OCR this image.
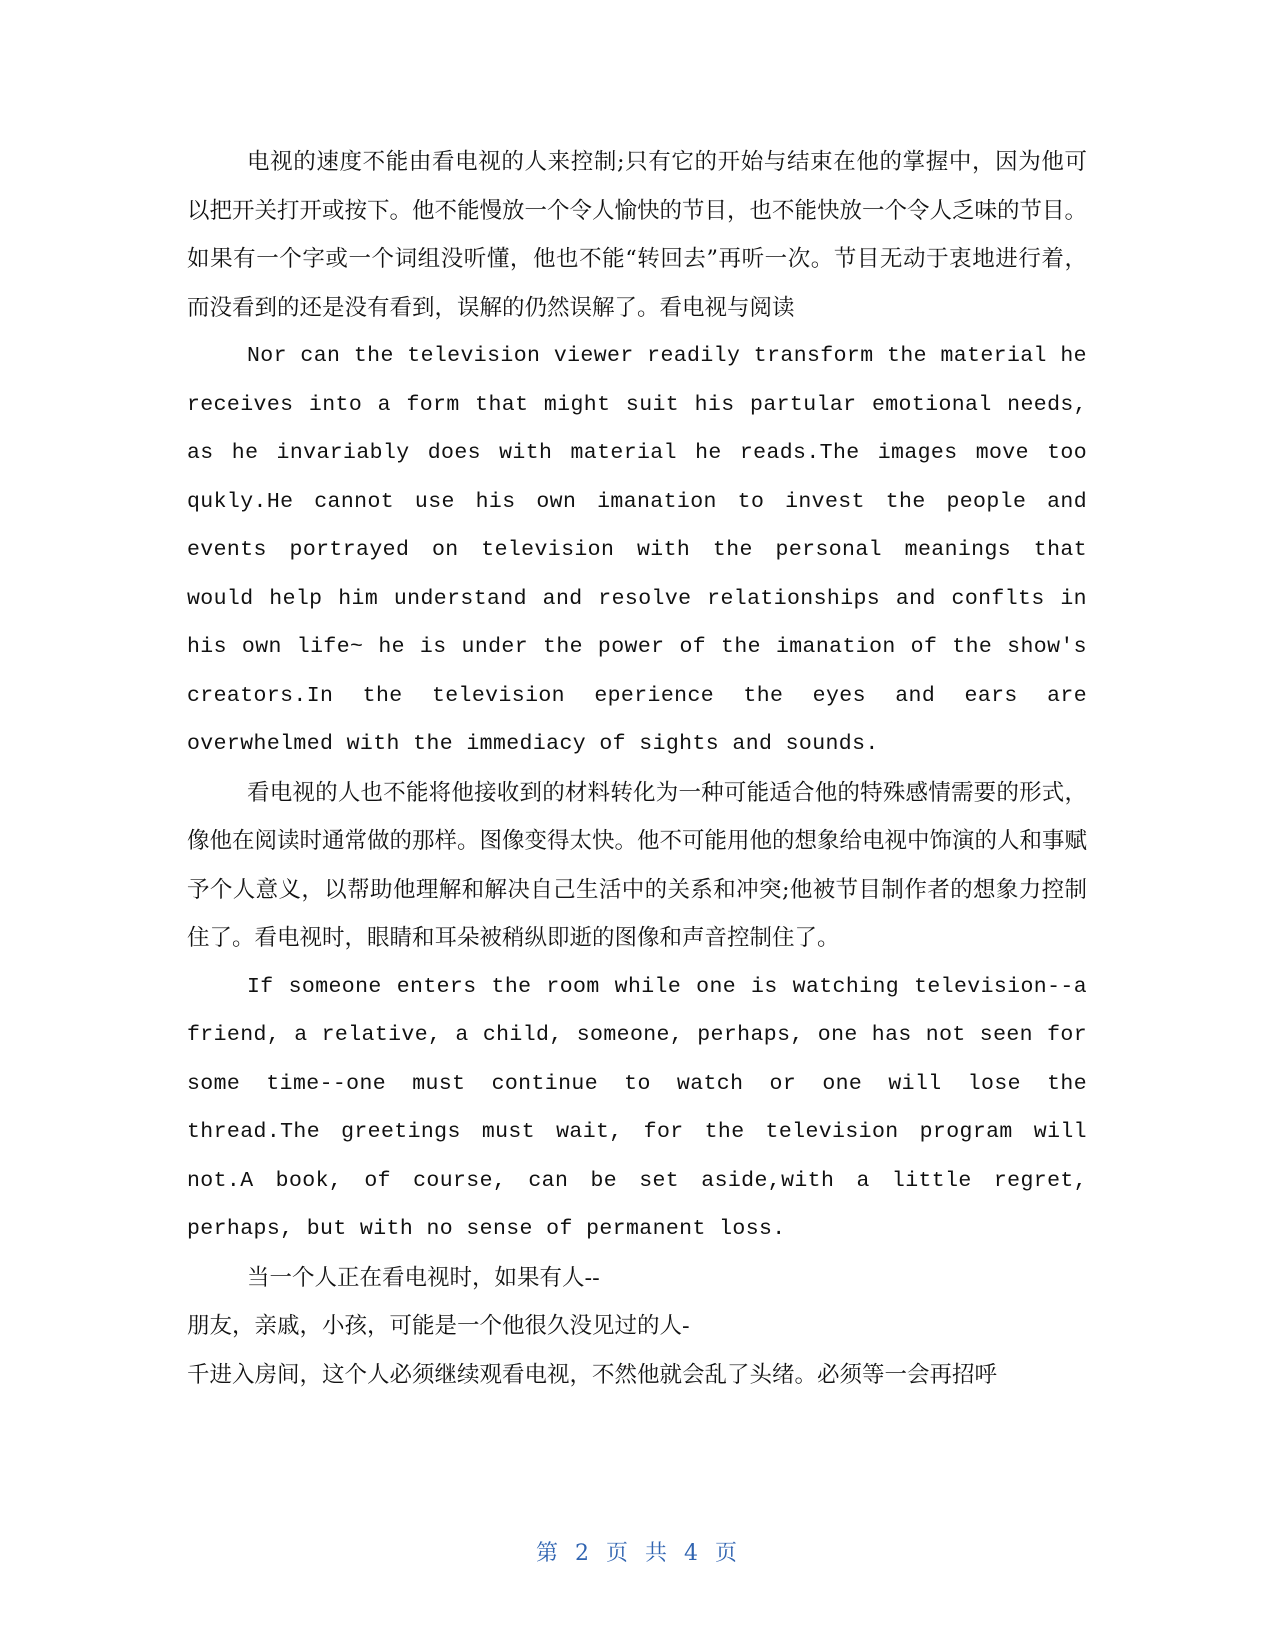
电视的速度不能由看电视的人来控制;只有它的开始与结束在他的掌握中，因为他可以把开关打开或按下。他不能慢放一个令人愉快的节目，也不能快放一个令人乏味的节目。如果有一个字或一个词组没听懂，他也不能“转回去”再听一次。节目无动于衷地进行着，而没看到的还是没有看到，误解的仍然误解了。看电视与阅读

Nor can the television viewer readily transform the material he receives into a form that might suit his partular emotional needs, as he invariably does with material he reads.The images move too qukly.He cannot use his own imanation to invest the people and events portrayed on television with the personal meanings that would help him understand and resolve relationships and conflts in his own life~ he is under the power of the imanation of the show's creators.In the television eperience the eyes and ears are overwhelmed with the immediacy of sights and sounds.

看电视的人也不能将他接收到的材料转化为一种可能适合他的特殊感情需要的形式，像他在阅读时通常做的那样。图像变得太快。他不可能用他的想象给电视中饰演的人和事赋予个人意义，以帮助他理解和解决自己生活中的关系和冲突;他被节目制作者的想象力控制住了。看电视时，眼睛和耳朵被稍纵即逝的图像和声音控制住了。

If someone enters the room while one is watching television--a friend, a relative, a child, someone, perhaps, one has not seen for some time--one must continue to watch or one will lose the thread.The greetings must wait, for the television program will not.A book, of course, can be set aside,with a little regret, perhaps, but with no sense of permanent loss.

当一个人正在看电视时，如果有人--
朋友，亲戚，小孩，可能是一个他很久没见过的人-
千进入房间，这个人必须继续观看电视，不然他就会乱了头绪。必须等一会再招呼
第 2 页 共 4 页
